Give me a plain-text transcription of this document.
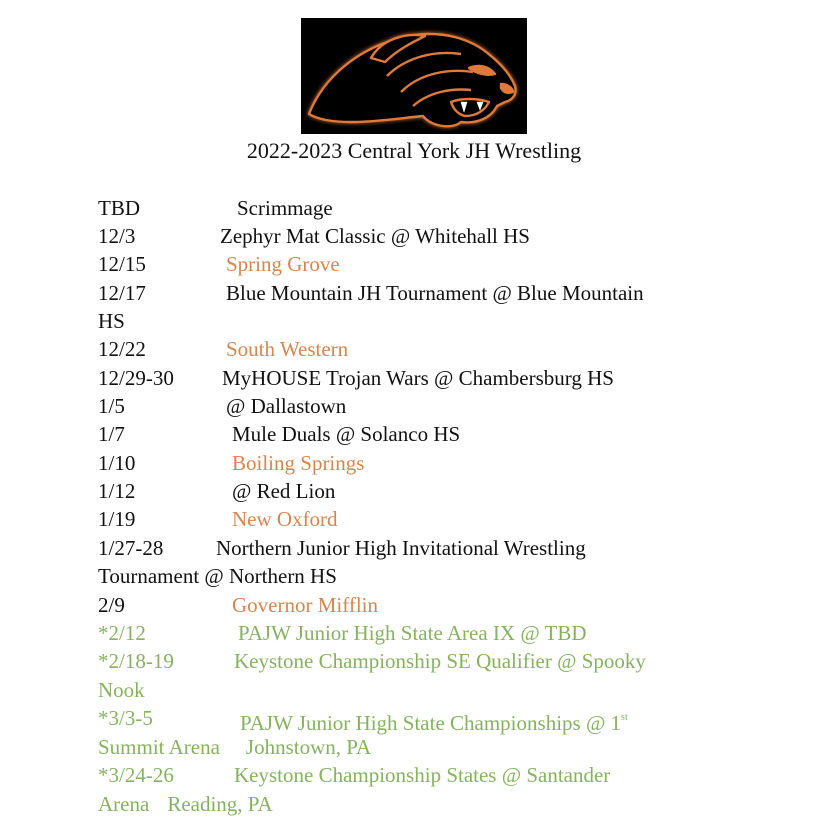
2022-2023 Central York JH Wrestling
TBD	Scrimmage
12/3	Zephyr Mat Classic @ Whitehall HS
12/15	Spring Grove
12/17	Blue Mountain JH Tournament @ Blue Mountain
HS
12/22	South Western
12/29-30 MyHOUSE Trojan Wars @ Chambersburg HS
1/5	@ Dallastown
1/7	Mule Duals @ Solanco HS
1/10	Boiling Springs
1/12	@ Red Lion
1/19	New Oxford
1/27-28	Northern Junior High Invitational Wrestling
Tournament @ Northern HS
2/9	Governor Mifflin
*2/12	PAJW Junior High State Area IX @ TBD
*2/18-19	Keystone Championship SE Qualifier @ Spooky
Nook
*3/3-5	PAJW Junior High State Championships @ 1st
Summit Arena Johnstown, PA
*3/24-26	Keystone Championship States @ Santander
Arena Reading, PA
